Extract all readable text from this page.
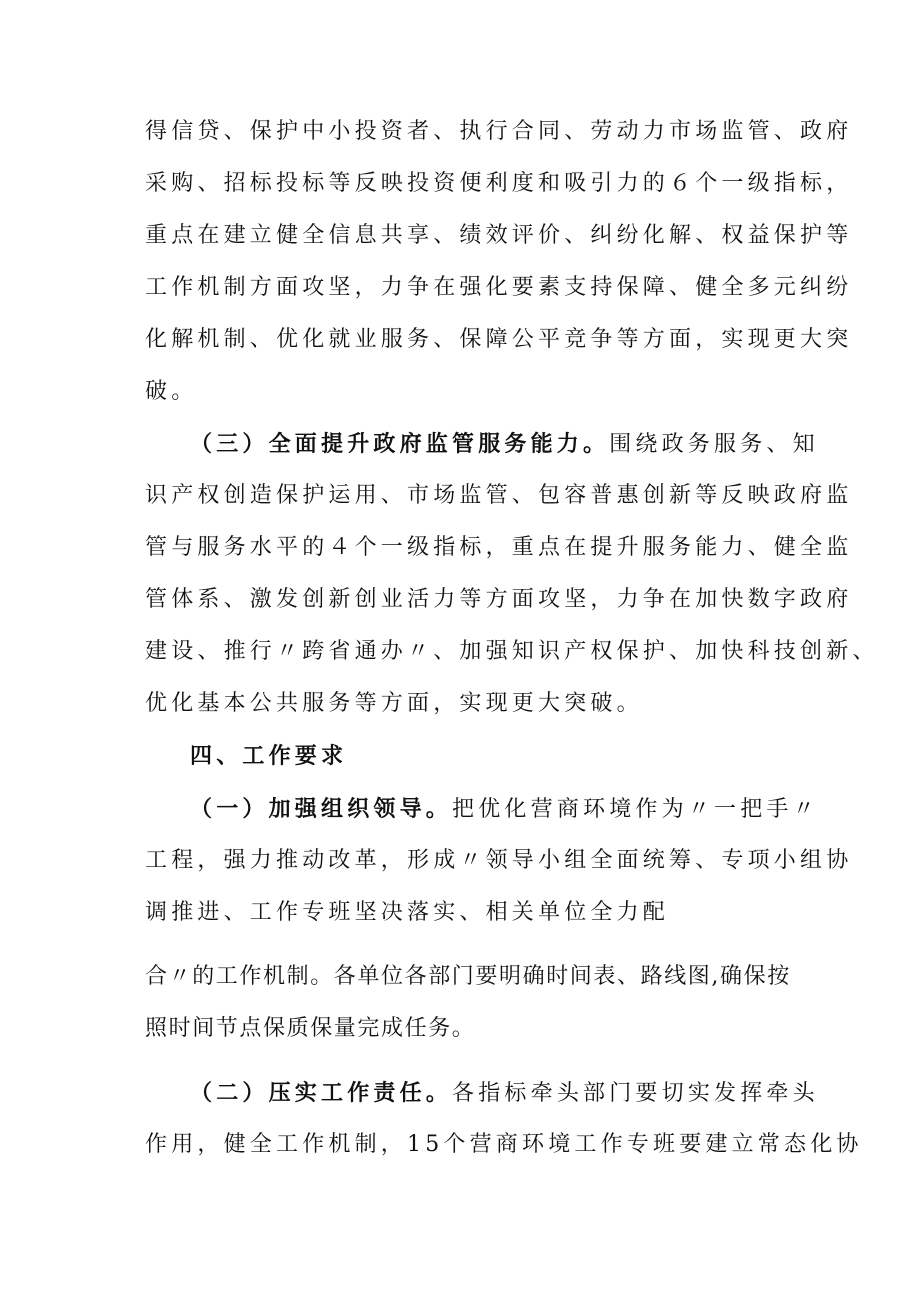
得信贷、保护中小投资者、执行合同、劳动力市场监管、政府
采购、招标投标等反映投资便利度和吸引力的６个一级指标，
重点在建立健全信息共享、绩效评价、纠纷化解、权益保护等
工作机制方面攻坚，力争在强化要素支持保障、健全多元纠纷
化解机制、优化就业服务、保障公平竞争等方面，实现更大突
破。
（三）全面提升政府监管服务能力。围绕政务服务、知
识产权创造保护运用、市场监管、包容普惠创新等反映政府监
管与服务水平的４个一级指标，重点在提升服务能力、健全监
管体系、激发创新创业活力等方面攻坚，力争在加快数字政府
建设、推行〃跨省通办〃、加强知识产权保护、加快科技创新、
优化基本公共服务等方面，实现更大突破。
四、工作要求
（一）加强组织领导。把优化营商环境作为〃一把手〃
工程，强力推动改革，形成〃领导小组全面统筹、专项小组协
调推进、工作专班坚决落实、相关单位全力配
合〃的工作机制。各单位各部门要明确时间表、路线图,确保按
照时间节点保质保量完成任务。
（二）压实工作责任。各指标牵头部门要切实发挥牵头
作用，健全工作机制，15个营商环境工作专班要建立常态化协
